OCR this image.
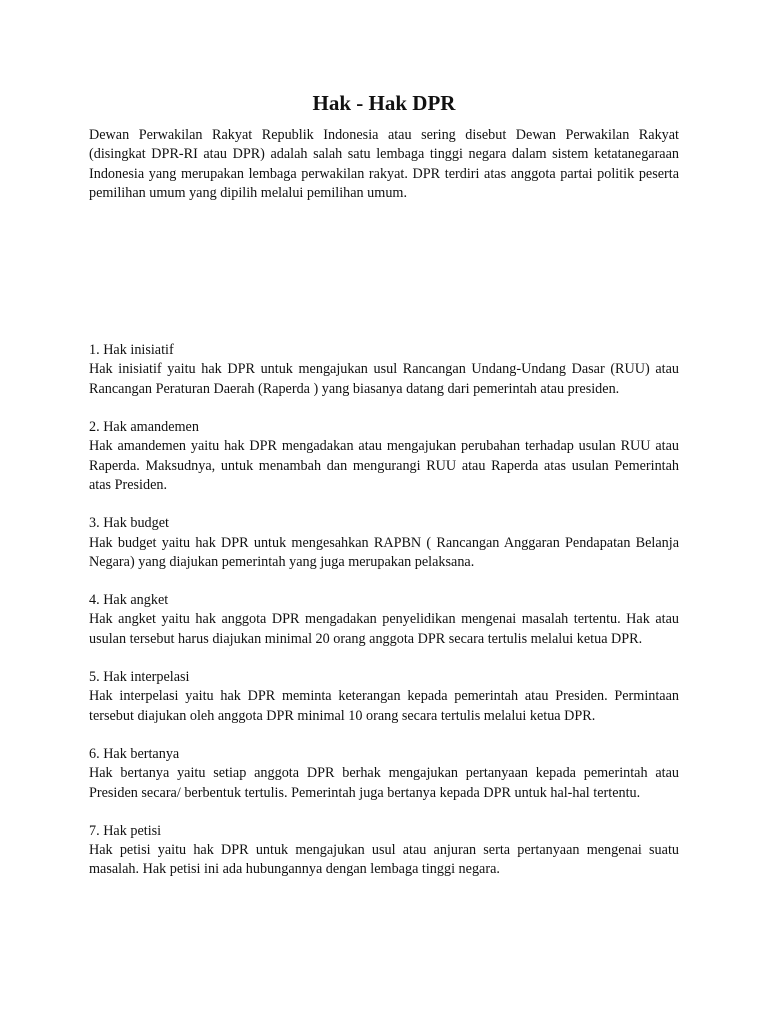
Hak - Hak DPR

Dewan Perwakilan Rakyat Republik Indonesia atau sering disebut Dewan Perwakilan Rakyat (disingkat DPR-RI atau DPR) adalah salah satu lembaga tinggi negara dalam sistem ketatanegaraan Indonesia yang merupakan lembaga perwakilan rakyat. DPR terdiri atas anggota partai politik peserta pemilihan umum yang dipilih melalui pemilihan umum.

1. Hak inisiatif

Hak inisiatif yaitu hak DPR untuk mengajukan usul Rancangan Undang-Undang Dasar (RUU) atau Rancangan Peraturan Daerah (Raperda ) yang biasanya datang dari pemerintah atau presiden.

2. Hak amandemen

Hak amandemen yaitu hak DPR mengadakan atau mengajukan perubahan terhadap usulan RUU atau Raperda. Maksudnya, untuk menambah dan mengurangi RUU atau Raperda atas usulan Pemerintah atas Presiden.

3. Hak budget

Hak budget yaitu hak DPR untuk mengesahkan RAPBN ( Rancangan Anggaran Pendapatan Belanja Negara) yang diajukan pemerintah yang juga merupakan pelaksana.

4. Hak angket

Hak angket yaitu hak anggota DPR mengadakan penyelidikan mengenai masalah tertentu. Hak atau usulan tersebut harus diajukan minimal 20 orang anggota DPR secara tertulis melalui ketua DPR.

5. Hak interpelasi

Hak interpelasi yaitu hak DPR meminta keterangan kepada pemerintah atau Presiden. Permintaan tersebut diajukan oleh anggota DPR minimal 10 orang secara tertulis melalui ketua DPR.

6. Hak bertanya

Hak bertanya yaitu setiap anggota DPR berhak mengajukan pertanyaan kepada pemerintah atau Presiden secara/ berbentuk tertulis. Pemerintah juga bertanya kepada DPR untuk hal-hal tertentu.

7. Hak petisi

Hak petisi yaitu hak DPR untuk mengajukan usul atau anjuran serta pertanyaan mengenai suatu masalah. Hak petisi ini ada hubungannya dengan lembaga tinggi negara.
